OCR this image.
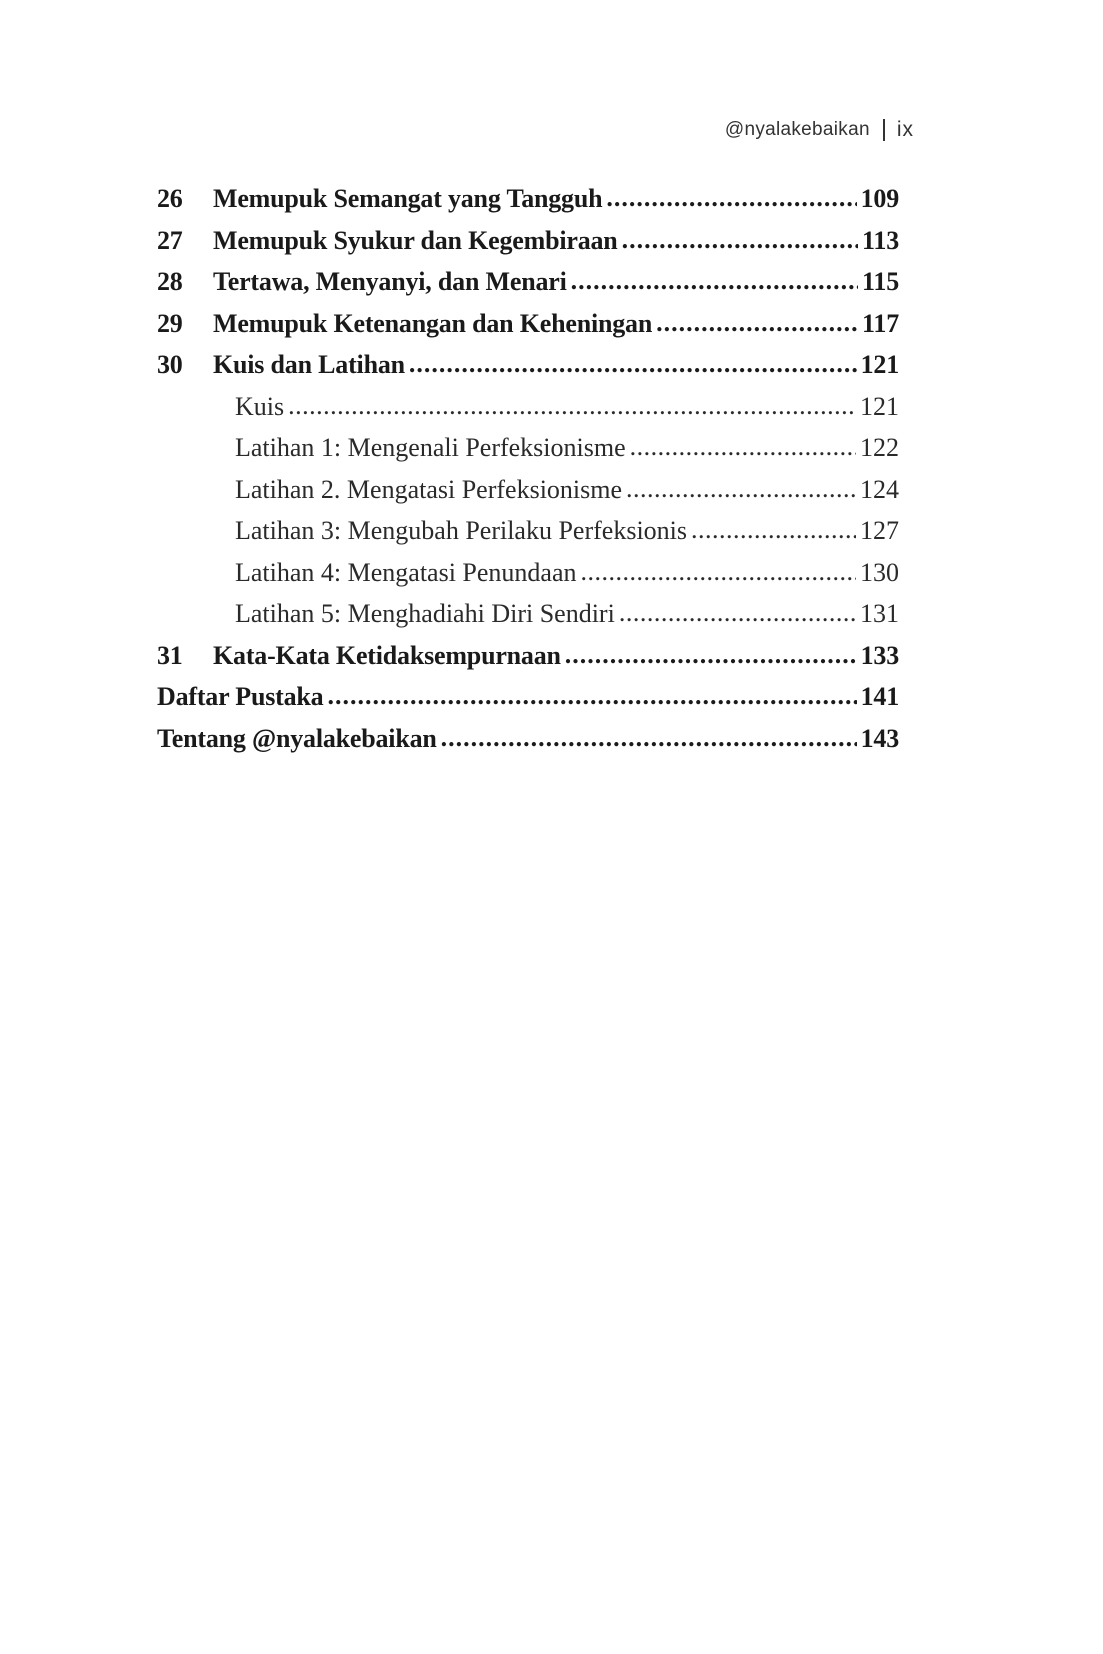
@nyalakebaikan ix
26	Memupuk Semangat yang Tangguh .....	109
27	Memupuk Syukur dan Kegembiraan .....	113
28	Tertawa, Menyanyi, dan Menari .....	115
29	Memupuk Ketenangan dan Keheningan .....	117
30	Kuis dan Latihan .....	121
Kuis .....	121
Latihan 1: Mengenali Perfeksionisme .....	122
Latihan 2. Mengatasi Perfeksionisme .....	124
Latihan 3: Mengubah Perilaku Perfeksionis .....	127
Latihan 4: Mengatasi Penundaan .....	130
Latihan 5: Menghadiahi Diri Sendiri .....	131
31	Kata-Kata Ketidaksempurnaan .....	133
Daftar Pustaka .....	141
Tentang @nyalakebaikan .....	143
